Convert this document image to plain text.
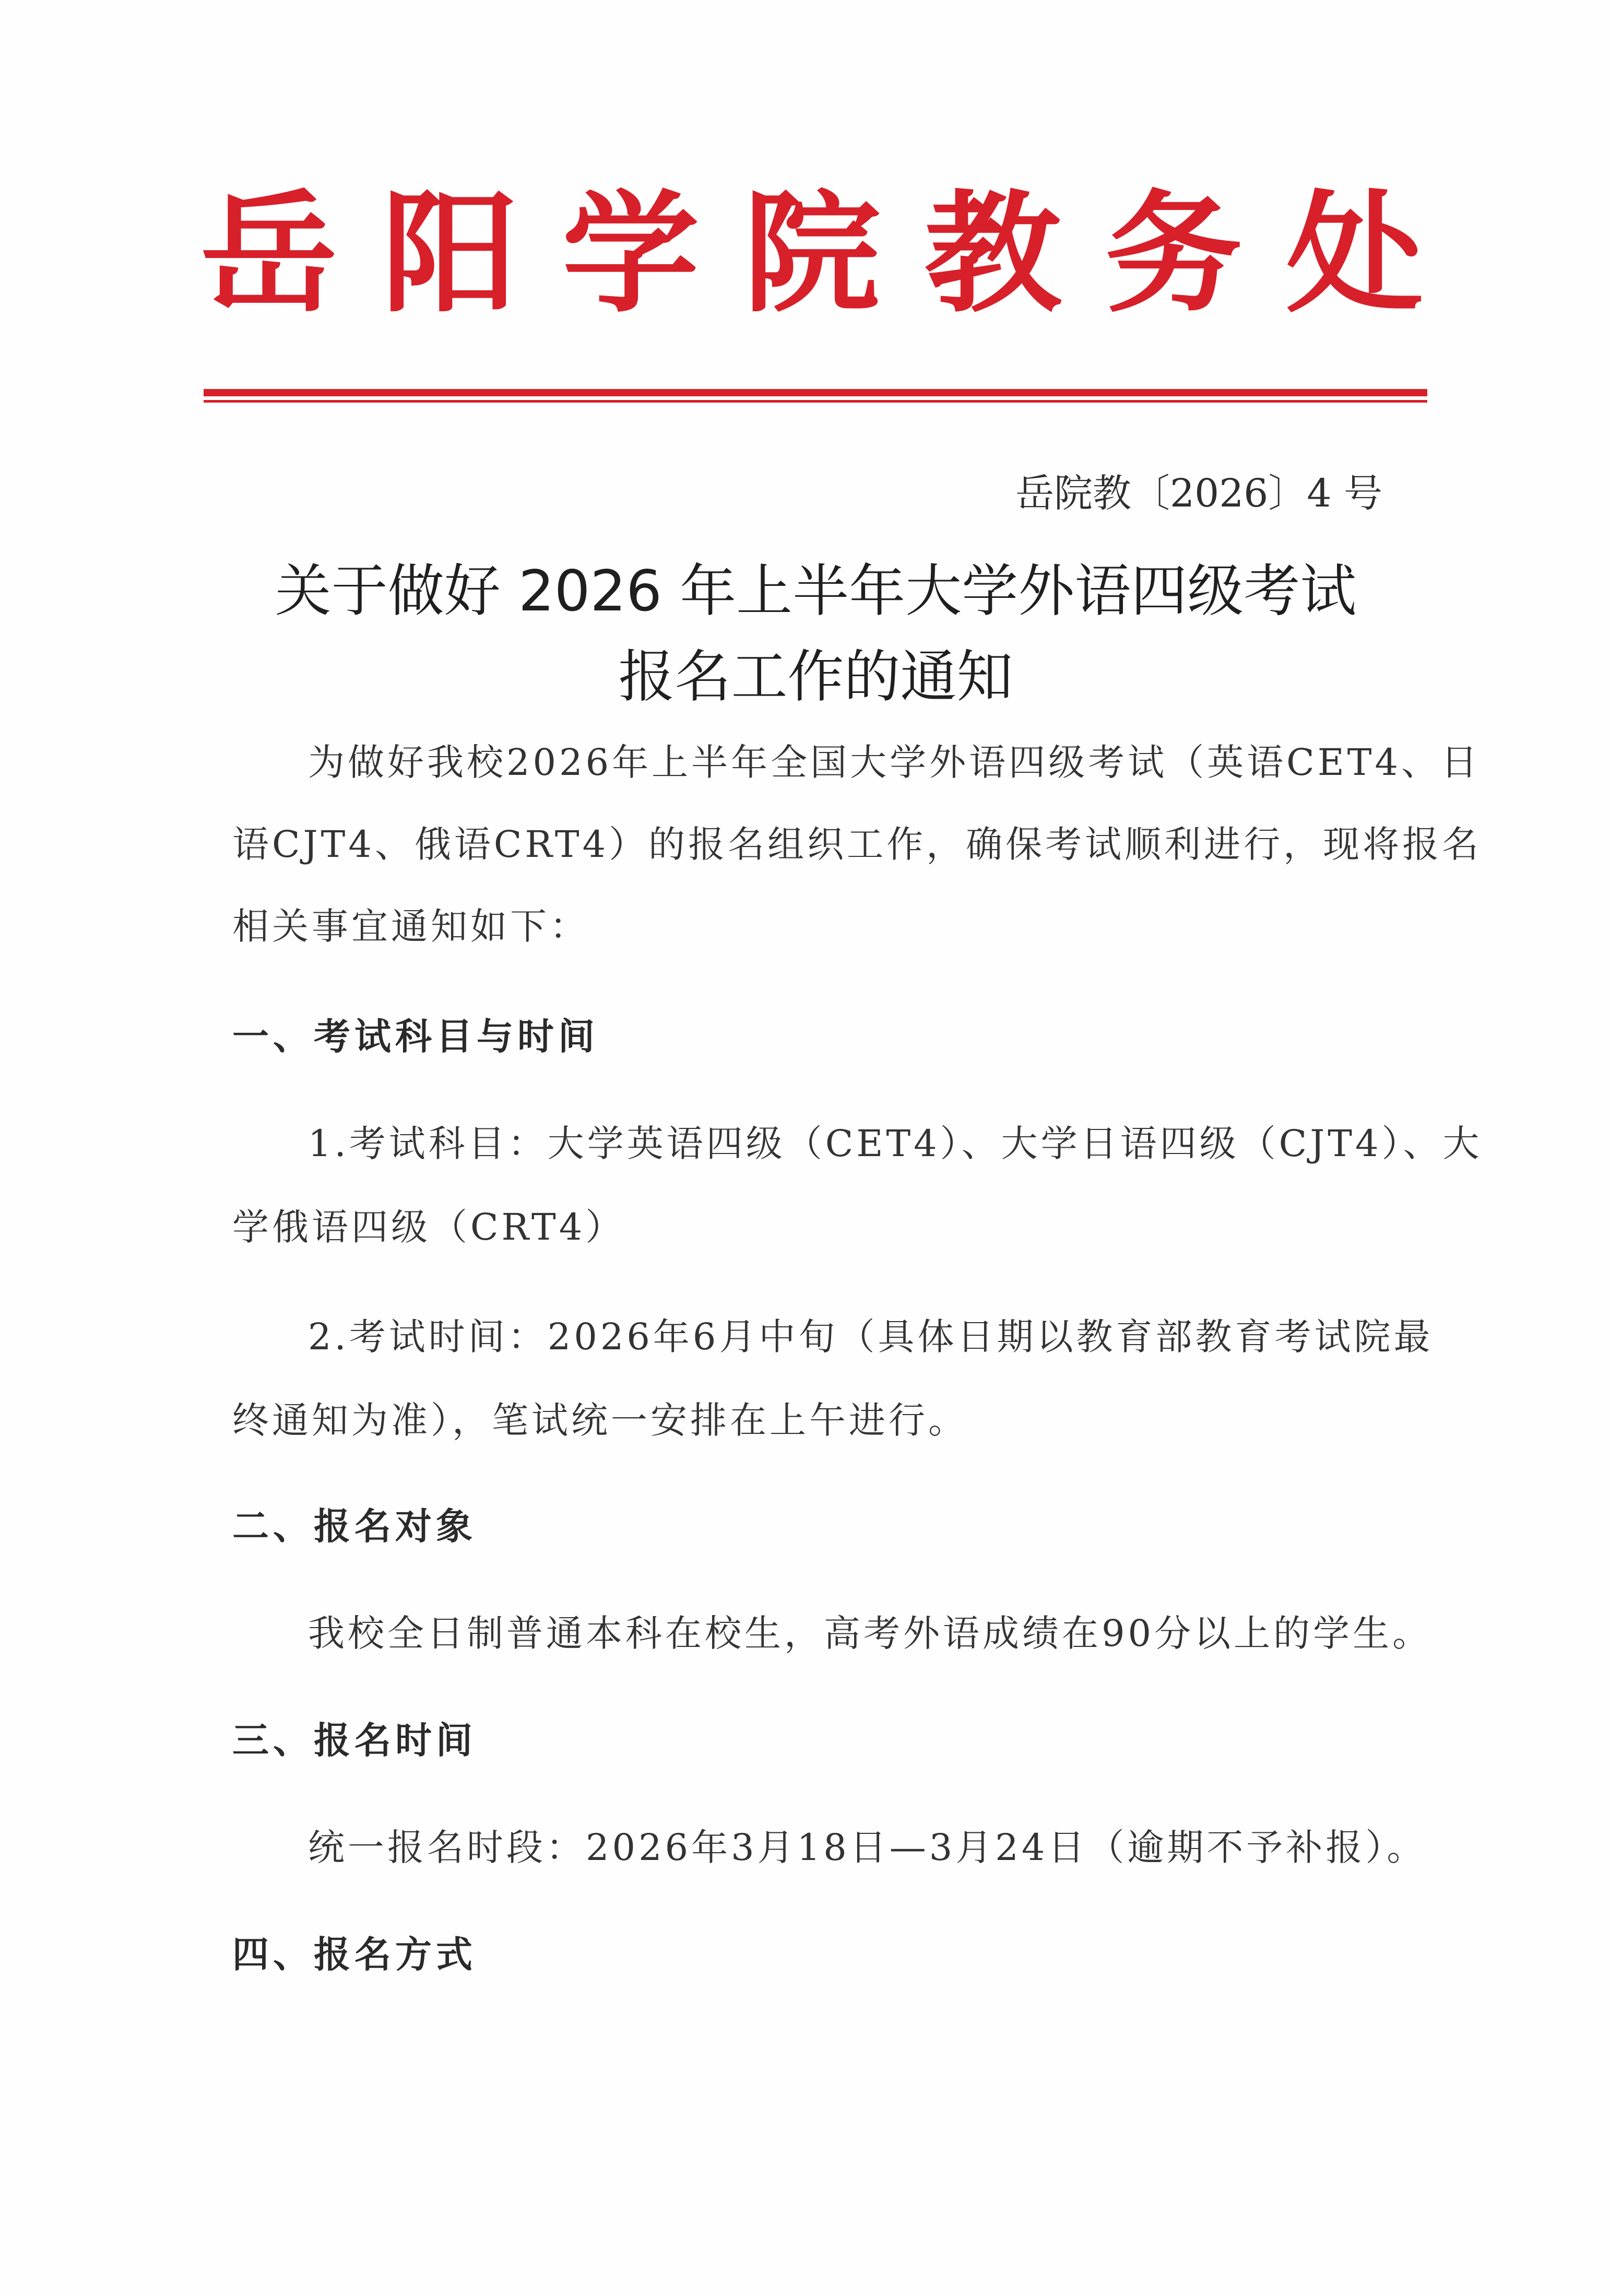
岳 阳 学 院 教 务 处
岳院教〔2026〕4 号
关于做好 2026 年上半年大学外语四级考试
报名工作的通知
为做好我校2026年上半年全国大学外语四级考试（英语CET4、日
语CJT4、俄语CRT4）的报名组织工作，确保考试顺利进行，现将报名
相关事宜通知如下：
一、考试科目与时间
1.考试科目：大学英语四级（CET4）、大学日语四级（CJT4）、大
学俄语四级（CRT4）
2.考试时间：2026年6月中旬（具体日期以教育部教育考试院最
终通知为准），笔试统一安排在上午进行。
二、报名对象
我校全日制普通本科在校生，高考外语成绩在90分以上的学生。
三、报名时间
统一报名时段：2026年3月18日—3月24日（逾期不予补报）。
四、报名方式
